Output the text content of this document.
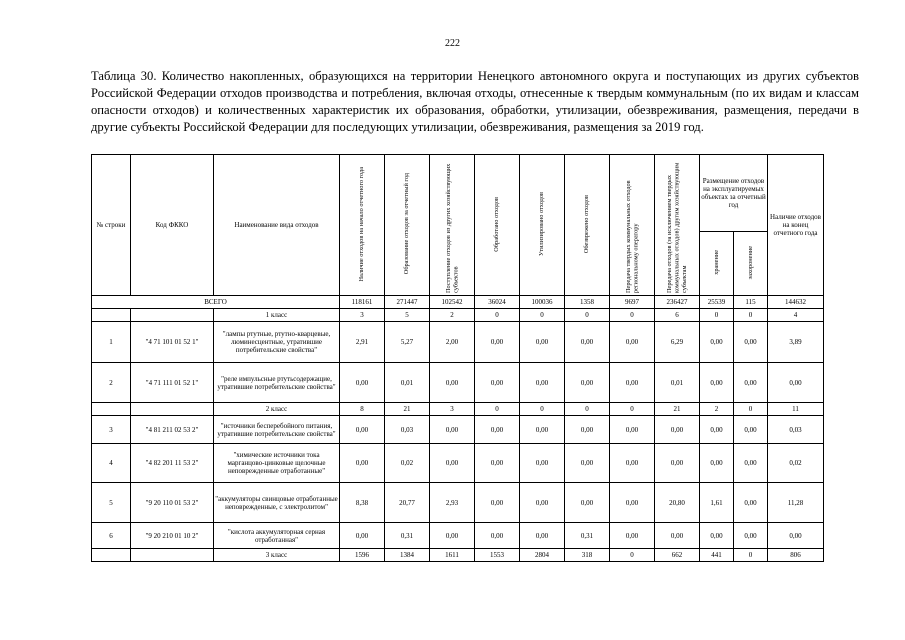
222
Таблица 30. Количество накопленных, образующихся на территории Ненецкого автономного округа и поступающих из других субъектов Российской Федерации отходов производства и потребления, включая отходы, отнесенные к твердым коммунальным (по их видам и классам опасности отходов) и количественных характеристик их образования, обработки, утилизации, обезвреживания, размещения, передачи в другие субъекты Российской Федерации для последующих утилизации, обезвреживания, размещения за 2019 год.
№ строки	Код ФККО	Наименование вида отходов	Наличие отходов на начало отчетного года	Образование отходов за отчетный год	Поступление отходов из других хозяйствующих субъектов	Обработано отходов	Утилизировано отходов	Обезврежено отходов	Передача твердых коммунальных отходов региональному оператору	Передача отходов (за исключением твердых коммунальных отходов) другим хозяйствующим субъектам	Размещение отходов на эксплуатируемых объектах за отчетный год		Наличие отходов на конец отчетного года
											хранение	захоронение	
ВСЕГО			118161	271447	102542	36024	100036	1358	9697	236427	25539	115	144632
		1 класс	3	5	2	0	0	0	0	6	0	0	4
1	"4 71 101 01 52 1"	"лампы ртутные, ртутно-кварцевые, люминесцентные, утратившие потребительские свойства"	2,91	5,27	2,00	0,00	0,00	0,00	0,00	6,29	0,00	0,00	3,89
2	"4 71 111 01 52 1"	"реле импульсные ртутьсодержащие, утратившие потребительские свойства"	0,00	0,01	0,00	0,00	0,00	0,00	0,00	0,01	0,00	0,00	0,00
		2 класс	8	21	3	0	0	0	0	21	2	0	11
3	"4 81 211 02 53 2"	"источники бесперебойного питания, утратившие потребительские свойства"	0,00	0,03	0,00	0,00	0,00	0,00	0,00	0,00	0,00	0,00	0,03
4	"4 82 201 11 53 2"	"химические источники тока марганцово-цинковые щелочные неповрежденные отработанные"	0,00	0,02	0,00	0,00	0,00	0,00	0,00	0,00	0,00	0,00	0,02
5	"9 20 110 01 53 2"	"аккумуляторы свинцовые отработанные неповрежденные, с электролитом"	8,38	20,77	2,93	0,00	0,00	0,00	0,00	20,80	1,61	0,00	11,28
6	"9 20 210 01 10 2"	"кислота аккумуляторная серная отработанная"	0,00	0,31	0,00	0,00	0,00	0,31	0,00	0,00	0,00	0,00	0,00
		3 класс	1596	1384	1611	1553	2804	318	0	662	441	0	806
